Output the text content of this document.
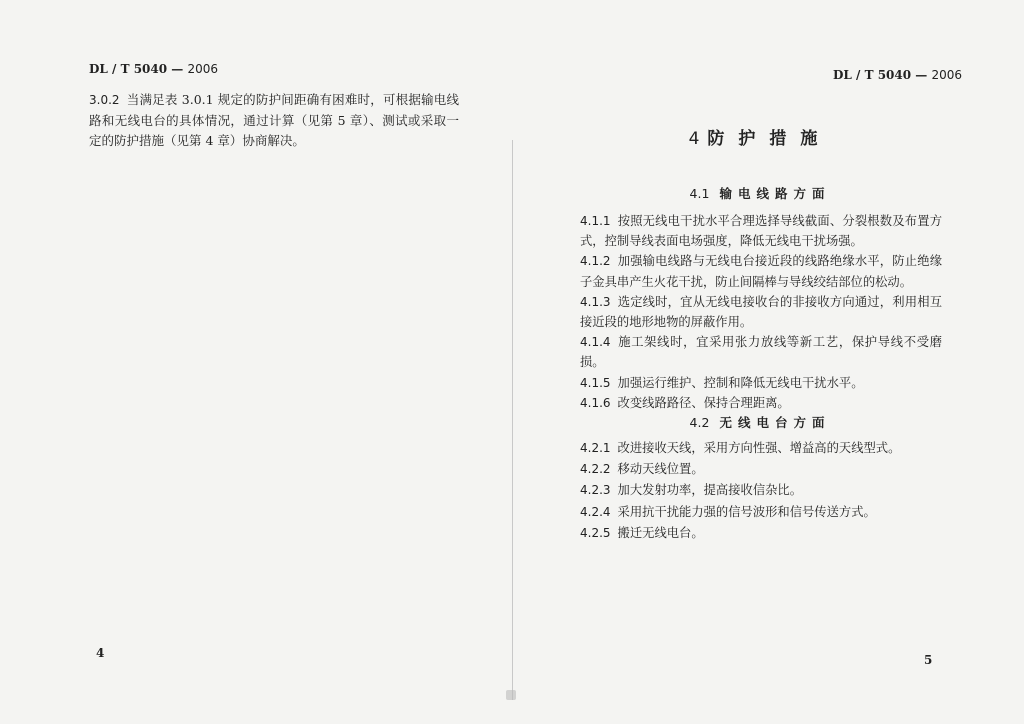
DL / T 5040 — 2006
3.0.2 当满足表 3.0.1 规定的防护间距确有困难时，可根据输电线路和无线电台的具体情况，通过计算（见第 5 章）、测试或采取一定的防护措施（见第 4 章）协商解决。
4
DL / T 5040 — 2006
4 防护措施
4.1 输电线路方面

4.1.1 按照无线电干扰水平合理选择导线截面、分裂根数及布置方式，控制导线表面电场强度，降低无线电干扰场强。

4.1.2 加强输电线路与无线电台接近段的线路绝缘水平，防止绝缘子金具串产生火花干扰，防止间隔棒与导线绞结部位的松动。

4.1.3 选定线时，宜从无线电接收台的非接收方向通过，利用相互接近段的地形地物的屏蔽作用。

4.1.4 施工架线时，宜采用张力放线等新工艺，保护导线不受磨损。

4.1.5 加强运行维护、控制和降低无线电干扰水平。

4.1.6 改变线路路径、保持合理距离。

4.2 无线电台方面

4.2.1 改进接收天线，采用方向性强、增益高的天线型式。

4.2.2 移动天线位置。

4.2.3 加大发射功率，提高接收信杂比。

4.2.4 采用抗干扰能力强的信号波形和信号传送方式。

4.2.5 搬迁无线电台。

5
